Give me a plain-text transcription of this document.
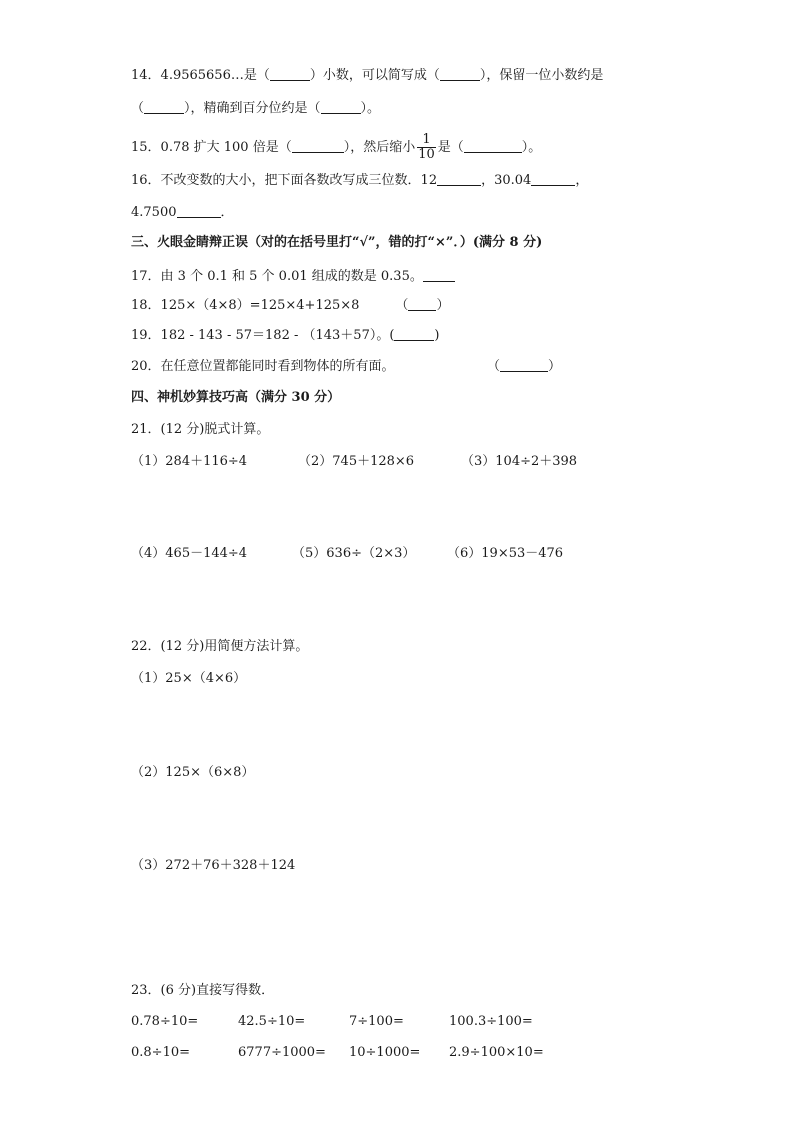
14．4.9565656…是（	）小数，可以简写成（	），保留一位小数约是
（	），精确到百分位约是（	）。
15．0.78 扩大 100 倍是（	），然后缩小 $\frac{1}{10}$ 是（	）。
16．不改变数的大小，把下面各数改写成三位数．12	，30.04	，
4.7500	．
三、火眼金睛辩正误（对的在括号里打“√”，错的打“×”．）(满分 8 分)
17．由 3 个 0.1 和 5 个 0.01 组成的数是 0.35。
18．125×（4×8）=125×4+125×8	（ ）
19．182 - 143 - 57＝182 - （143＋57）。(	)
20．在任意位置都能同时看到物体的所有面。	（	）
四、神机妙算技巧高（满分 30 分）
21．(12 分)脱式计算。
（1）284＋116÷4	（2）745＋128×6	（3）104÷2＋398
（4）465－144÷4	（5）636÷（2×3） （6）19×53－476
22．(12 分)用简便方法计算。
（1）25×（4×6）
（2）125×（6×8）
（3）272＋76＋328＋124
23．(6 分)直接写得数．
0.78÷10=	42.5÷10=	7÷100=	100.3÷100=
0.8÷10=	6777÷1000= 10÷1000= 2.9÷100×10=
